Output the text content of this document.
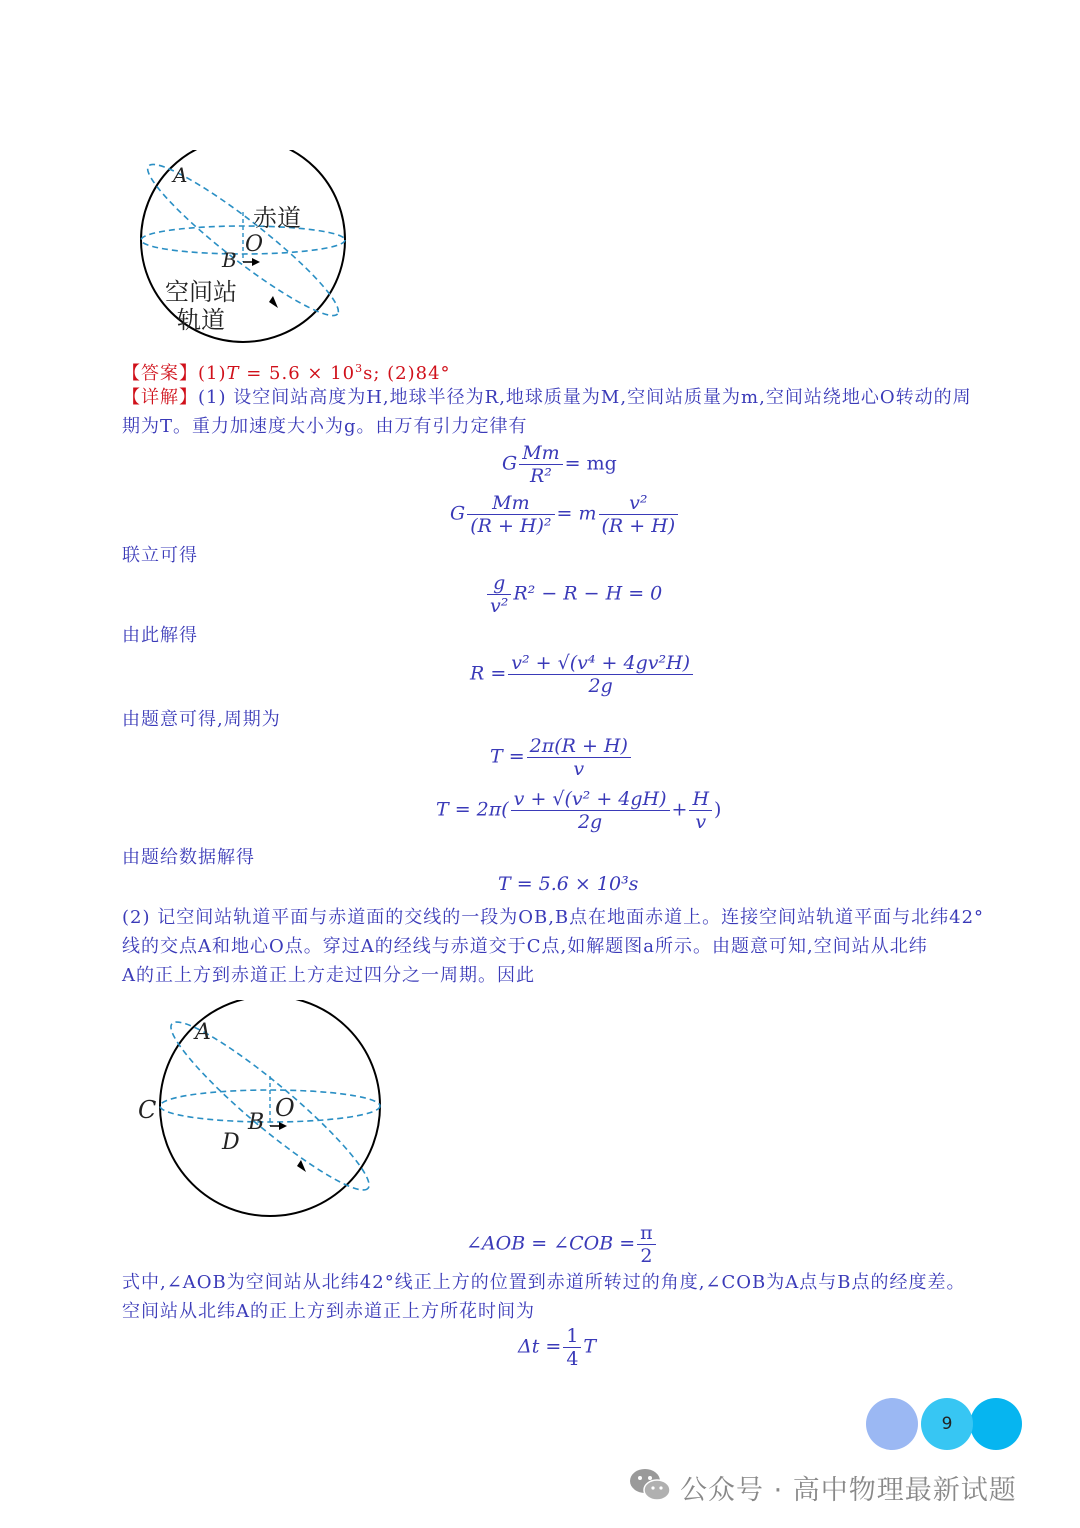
A
赤道
O
B
空间站
轨道
【答案】$(1)T = 5.6 \times 10^3s$; (2)84°
【详解】(1) 设空间站高度为H,地球半径为R,地球质量为M,空间站质量为m,空间站绕地心O转动的周
期为T。重力加速度大小为g。由万有引力定律有
G $\frac{Mm}{\text{R²}}$ = mg
G $\frac{Mm}{\text{(R + H)²}} = m \frac{\text{v²}}{(R + H)}$
联立可得
$\frac{g}{\text{v²}} R^2 - R - H = 0$
由此解得
$R = \frac{\text{v² + √(v⁴ + 4gv²H)}}{2g}$
由题意可得,周期为
$T = \frac{2\pi(R + H)}{v}$
$T = 2\pi( \frac{\text{v + √(v² + 4gH)}}{2g} + \frac{H}{v}$ )
由题给数据解得
T = 5.6 × 10³s
(2) 记空间站轨道平面与赤道面的交线的一段为OB,B点在地面赤道上。连接空间站轨道平面与北纬42°
线的交点A和地心O点。穿过A的经线与赤道交于C点,如解题图a所示。由题意可知,空间站从北纬
A的正上方到赤道正上方走过四分之一周期。因此
A
C	O
B
D
∠AOB = ∠COB = $\frac{\pi}{2}$
式中,∠AOB为空间站从北纬42°线正上方的位置到赤道所转过的角度,∠COB为A点与B点的经度差。
空间站从北纬A的正上方到赤道正上方所花时间为
$\Delta t = \frac{1}{4}$ T
9
公众号 · 高中物理最新试题
